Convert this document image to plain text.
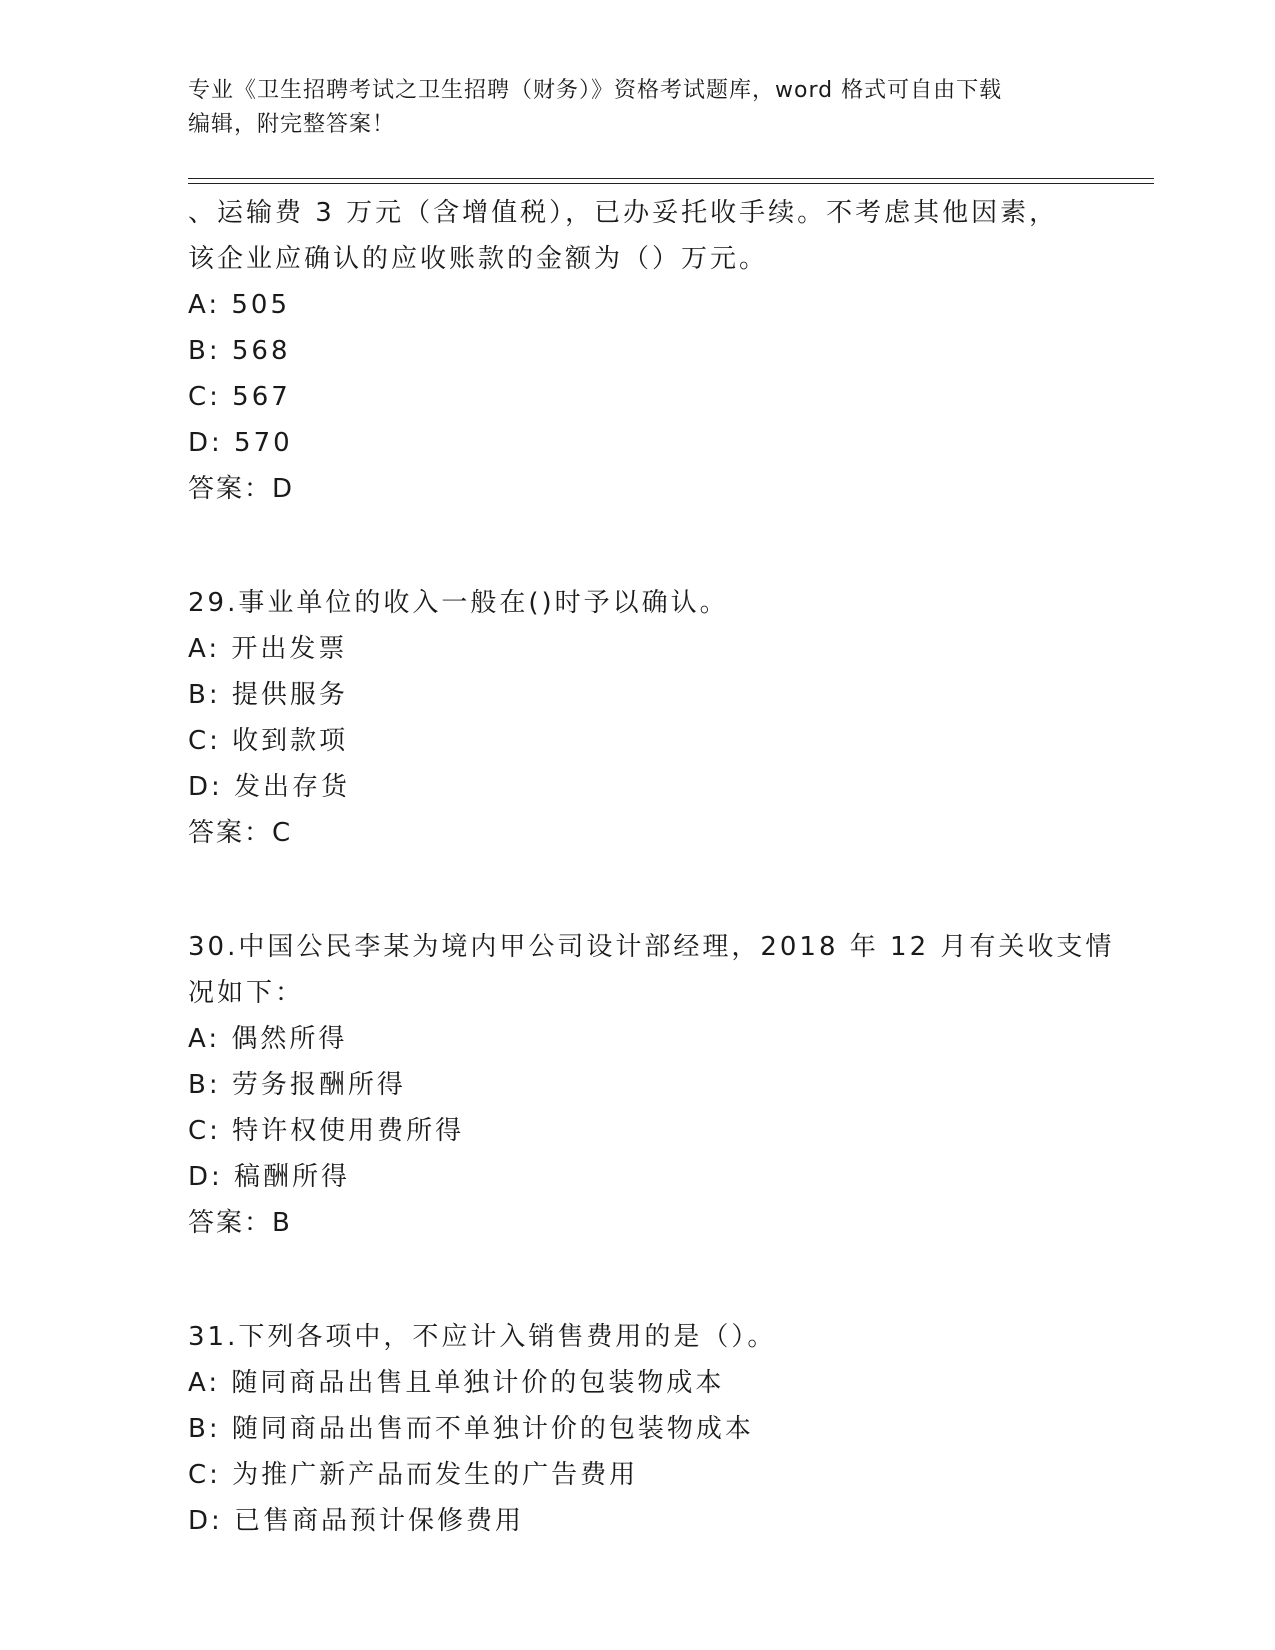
专业《卫生招聘考试之卫生招聘（财务）》资格考试题库，word 格式可自由下载
编辑，附完整答案！
、运输费 3 万元（含增值税），已办妥托收手续。不考虑其他因素，
该企业应确认的应收账款的金额为（）万元。
A: 505
B: 568
C: 567
D: 570
答案：D
29.事业单位的收入一般在()时予以确认。
A: 开出发票
B: 提供服务
C: 收到款项
D: 发出存货
答案：C
30.中国公民李某为境内甲公司设计部经理，2018 年 12 月有关收支情
况如下：
A: 偶然所得
B: 劳务报酬所得
C: 特许权使用费所得
D: 稿酬所得
答案：B
31.下列各项中，不应计入销售费用的是（）。
A: 随同商品出售且单独计价的包装物成本
B: 随同商品出售而不单独计价的包装物成本
C: 为推广新产品而发生的广告费用
D: 已售商品预计保修费用
